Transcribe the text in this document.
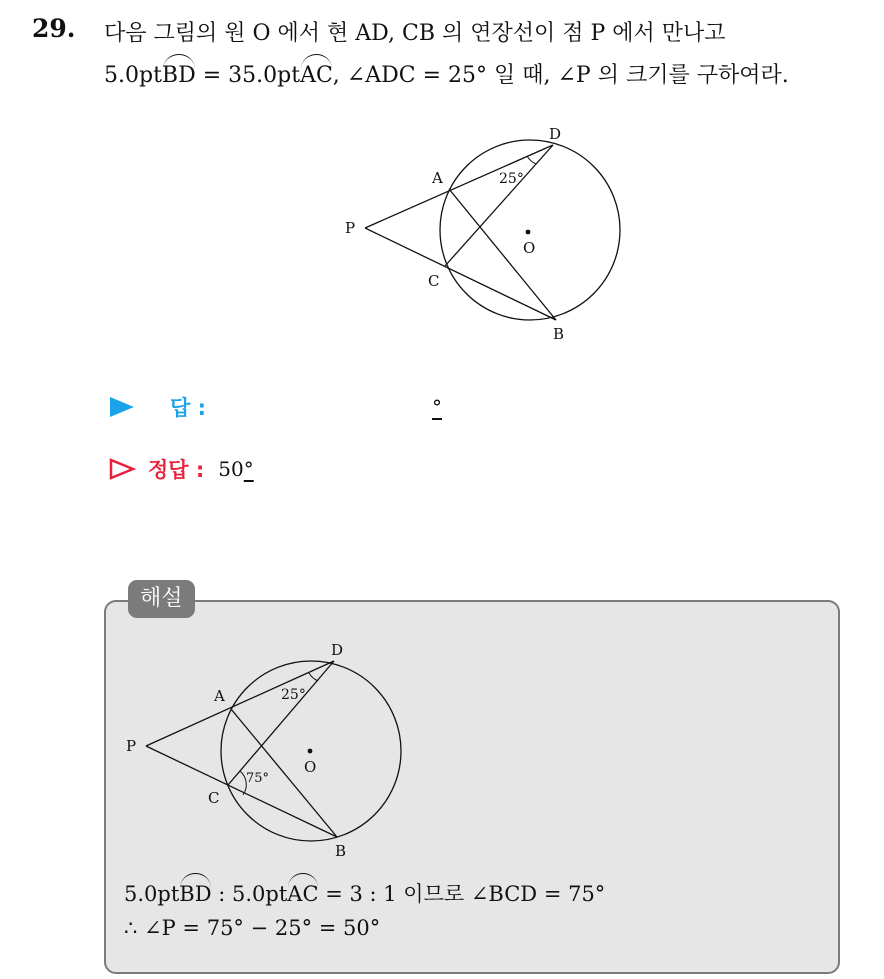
29. 다음 그림의 원 O 에서 현 AD, CB 의 연장선이 점 P 에서 만나고
5.0ptBD = 35.0ptAC, ∠ADC = 25° 일 때, ∠P 의 크기를 구하여라.
D
A
P
O
C
B
25°
답 :	°
정답 : 50 °
해설
D
A
P
O
C
B
25°
75°
5.0ptBD : 5.0ptAC = 3 : 1 이므로 ∠BCD = 75°
∴ ∠P = 75° − 25° = 50°
